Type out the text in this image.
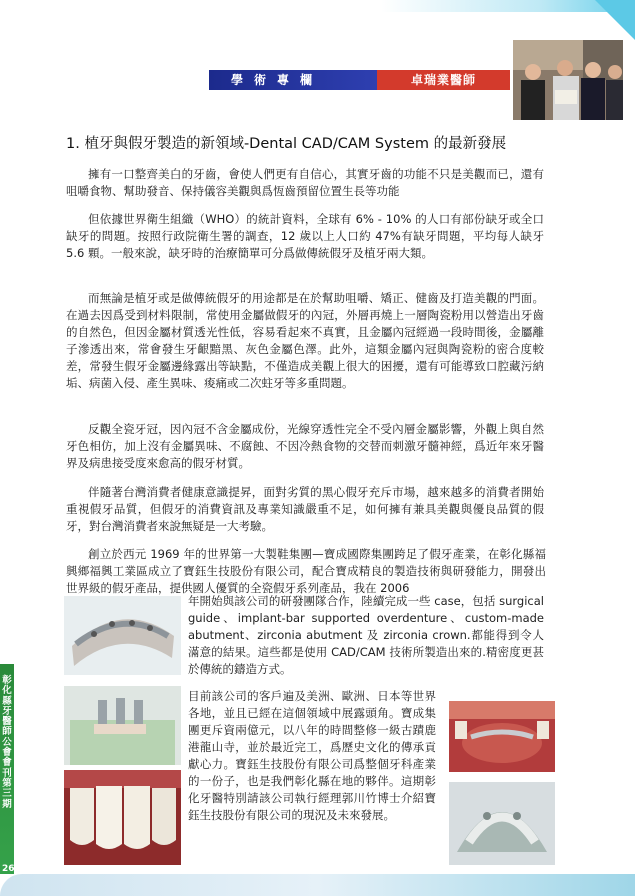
學術專欄	卓瑞業醫師
1. 植牙與假牙製造的新領域-Dental CAD/CAM System 的最新發展

擁有一口整齊美白的牙齒，會使人們更有自信心，其實牙齒的功能不只是美觀而已，還有咀嚼食物、幫助發音、保持儀容美觀與爲恆齒預留位置生長等功能

但依據世界衛生組織（WHO）的統計資料，全球有 6% - 10% 的人口有部份缺牙或全口缺牙的問題。按照行政院衛生署的調查，12 歲以上人口約 47%有缺牙問題，平均每人缺牙 5.6 顆。一般來說，缺牙時的治療簡單可分爲做傳統假牙及植牙兩大類。

而無論是植牙或是做傳統假牙的用途都是在於幫助咀嚼、矯正、健齒及打造美觀的門面。在過去因爲受到材料限制，常使用金屬做假牙的內冠，外層再燒上一層陶瓷粉用以營造出牙齒的自然色，但因金屬材質透光性低，容易看起來不真實，且金屬內冠經過一段時間後，金屬離子滲透出來，常會發生牙齦黯黑、灰色金屬色澤。此外，這類金屬內冠與陶瓷粉的密合度較差，常發生假牙金屬邊緣露出等缺點，不僅造成美觀上很大的困擾，還有可能導致口腔藏污納垢、病菌入侵、產生異味、痠痛或二次蛀牙等多重問題。

反觀全瓷牙冠，因內冠不含金屬成份，光線穿透性完全不受內層金屬影響，外觀上與自然牙色相仿，加上沒有金屬異味、不腐蝕、不因冷熱食物的交替而刺激牙髓神經，爲近年來牙醫界及病患接受度來愈高的假牙材質。

伴隨著台灣消費者健康意識提昇，面對劣質的黑心假牙充斥市場，越來越多的消費者開始重視假牙品質，但假牙的消費資訊及專業知識嚴重不足，如何擁有兼具美觀與優良品質的假牙，對台灣消費者來說無疑是一大考驗。

創立於西元 1969 年的世界第一大製鞋集團—寶成國際集團跨足了假牙產業，在彰化縣福興鄉福興工業區成立了寶鈺生技股份有限公司，配合寶成精良的製造技術與研發能力，開發出世界級的假牙產品，提供國人優質的全瓷假牙系列產品，我在 2006

年開始與該公司的研發團隊合作，陸續完成一些 case，包括 surgical guide、implant-bar supported overdenture、custom-made abutment、zirconia abutment 及 zirconia crown.都能得到令人滿意的結果。這些都是使用 CAD/CAM 技術所製造出來的.精密度更甚於傳統的鑄造方式。

目前該公司的客戶遍及美洲、歐洲、日本等世界各地，並且已經在這個領域中展露頭角。寶成集團更斥資兩億元，以八年的時間整修一級古蹟鹿港龍山寺，並於最近完工，爲歷史文化的傳承貢獻心力。寶鈺生技股份有限公司爲整個牙科產業的一份子，也是我們彰化縣在地的夥伴。這期彰化牙醫特別請該公司執行經理郭川竹博士介紹寶鈺生技股份有限公司的現況及未來發展。

彰化縣牙醫師公會會刊第三期
26
